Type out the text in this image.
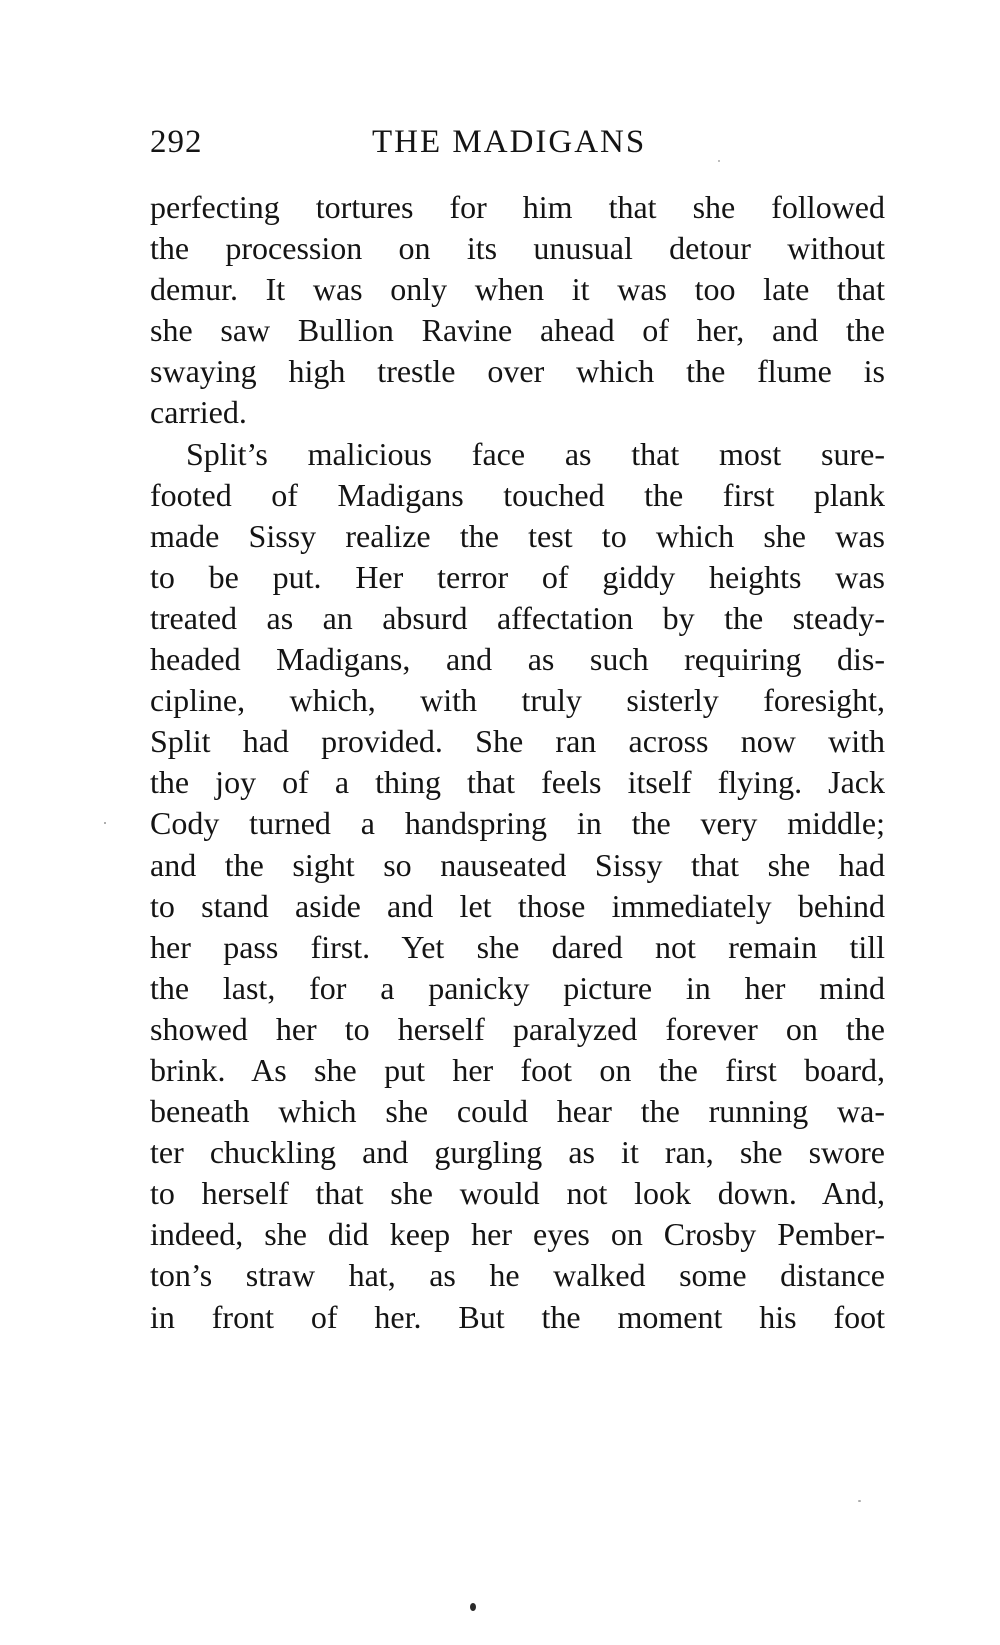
292	THE MADIGANS
perfecting tortures for him that she followed
the procession on its unusual detour without
demur. It was only when it was too late that
she saw Bullion Ravine ahead of her, and the
swaying high trestle over which the flume is
carried.
Split’s malicious face as that most sure-
footed of Madigans touched the first plank
made Sissy realize the test to which she was
to be put. Her terror of giddy heights was
treated as an absurd affectation by the steady-
headed Madigans, and as such requiring dis-
cipline, which, with truly sisterly foresight,
Split had provided. She ran across now with
the joy of a thing that feels itself flying. Jack
Cody turned a handspring in the very middle;
and the sight so nauseated Sissy that she had
to stand aside and let those immediately behind
her pass first. Yet she dared not remain till
the last, for a panicky picture in her mind
showed her to herself paralyzed forever on the
brink. As she put her foot on the first board,
beneath which she could hear the running wa-
ter chuckling and gurgling as it ran, she swore
to herself that she would not look down. And,
indeed, she did keep her eyes on Crosby Pember-
ton’s straw hat, as he walked some distance
in front of her. But the moment his foot
